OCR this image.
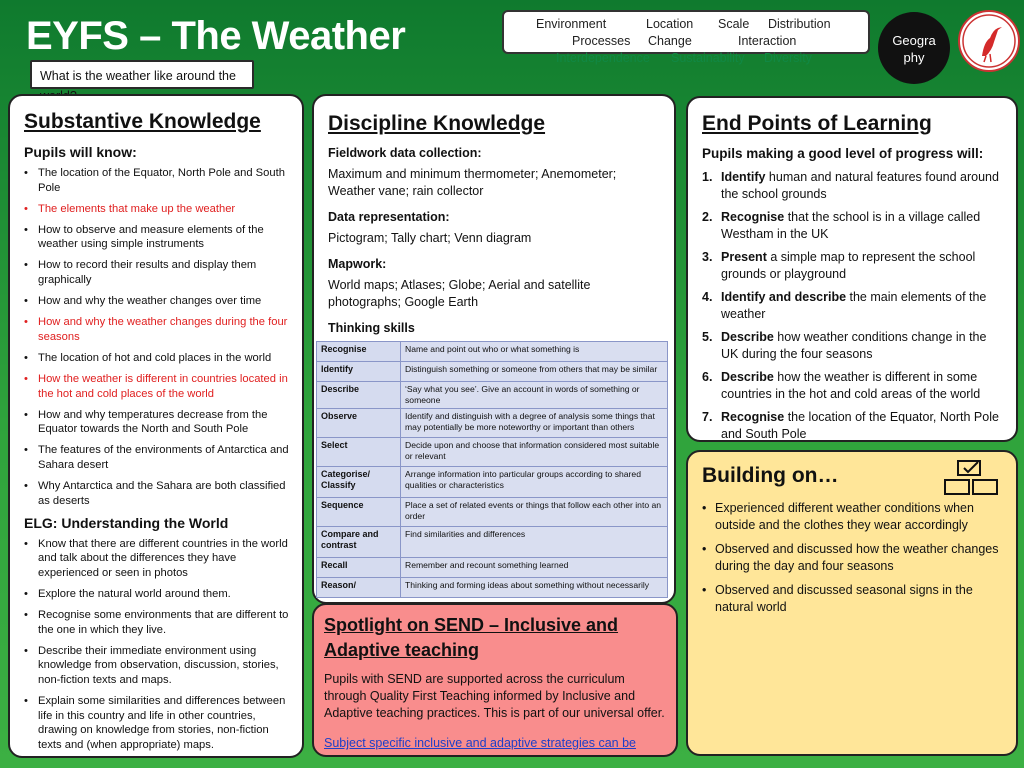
EYFS – The Weather
What is the weather like around the
Environment	Location Scale Distribution
Processes Change	Interaction
Interdependence Sustainability Diversity
Geography
Substantive Knowledge
Pupils will know:
• The location of the Equator, North Pole and South Pole
• The elements that make up the weather
• How to observe and measure elements of the weather using simple instruments
• How to record their results and display them graphically
• How and why the weather changes over time
• How and why the weather changes during the four seasons
• The location of hot and cold places in the world
• How the weather is different in countries located in the hot and cold places of the world
• How and why temperatures decrease from the Equator towards the North and South Pole
• The features of the environments of Antarctica and Sahara desert
• Why Antarctica and the Sahara are both classified as deserts
ELG: Understanding the World
• Know that there are different countries in the world and talk about the differences they have experienced or seen in photos
• Explore the natural world around them.
• Recognise some environments that are different to the one in which they live.
• Describe their immediate environment using knowledge from observation, discussion, stories, non-fiction texts and maps.
• Explain some similarities and differences between life in this country and life in other countries, drawing on knowledge from stories, non-fiction texts and (when appropriate) maps.
Discipline Knowledge
Fieldwork data collection:
Maximum and minimum thermometer; Anemometer; Weather vane; rain collector
Data representation:
Pictogram; Tally chart; Venn diagram
Mapwork:
World maps; Atlases; Globe; Aerial and satellite photographs; Google Earth
Thinking skills
Recognise	Name and point out who or what something is
Identify	Distinguish something or someone from others that may be similar
Describe	‘Say what you see’. Give an account in words of something or someone
Observe	Identify and distinguish with a degree of analysis some things that may potentially be more noteworthy or important than others
Select	Decide upon and choose that information considered most suitable or relevant
Categorise/ Classify	Arrange information into particular groups according to shared qualities or characteristics
Sequence	Place a set of related events or things that follow each other into an order
Compare and contrast	Find similarities and differences
Recall	Remember and recount something learned
Reason/	Thinking and forming ideas about something without necessarily
Spotlight on SEND – Inclusive and Adaptive teaching

Pupils with SEND are supported across the curriculum through Quality First Teaching informed by Inclusive and Adaptive teaching practices. This is part of our universal offer.

Subject specific inclusive and adaptive strategies can be
End Points of Learning
Pupils making a good level of progress will:
1. Identify human and natural features found around the school grounds
2. Recognise that the school is in a village called Westham in the UK
3. Present a simple map to represent the school grounds or playground
4. Identify and describe the main elements of the weather
5. Describe how weather conditions change in the UK during the four seasons
6. Describe how the weather is different in some countries in the hot and cold areas of the world
7. Recognise the location of the Equator, North Pole and South Pole
Building on…
• Experienced different weather conditions when outside and the clothes they wear accordingly
• Observed and discussed how the weather changes during the day and four seasons
• Observed and discussed seasonal signs in the natural world
